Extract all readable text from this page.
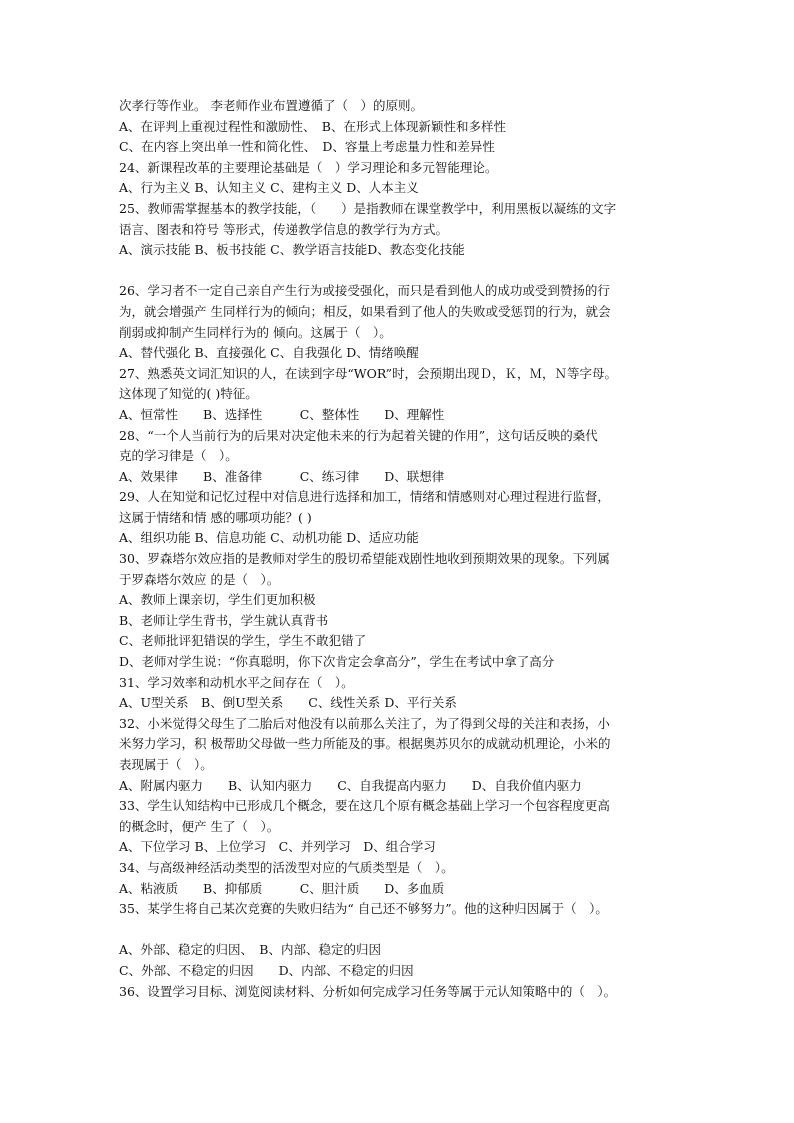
次孝行等作业。 李老师作业布置遵循了（　）的原则。
A、在评判上重视过程性和激励性、　B、在形式上体现新颖性和多样性
C、在内容上突出单一性和简化性、　D、容量上考虑量力性和差异性
24、新课程改革的主要理论基础是（　）学习理论和多元智能理论。
A、行为主义 B、认知主义 C、建构主义 D、人本主义
25、教师需掌握基本的教学技能，（　　）是指教师在课堂教学中，利用黑板以凝练的文字
语言、图表和符号 等形式，传递教学信息的教学行为方式。
A、演示技能 B、板书技能 C、教学语言技能D、教态变化技能
26、学习者不一定自己亲自产生行为或接受强化，而只是看到他人的成功或受到赞扬的行
为，就会增强产 生同样行为的倾向；相反，如果看到了他人的失败或受惩罚的行为，就会
削弱或抑制产生同样行为的 倾向。这属于（　）。
A、替代强化 B、直接强化 C、自我强化 D、情绪唤醒
27、熟悉英文词汇知识的人，在读到字母“WOR”时，会预期出现Ｄ，Ｋ，Ｍ，Ｎ等字母。
这体现了知觉的( )特征。
A、恒常性　　B、选择性　　　C、整体性　　D、理解性
28、“一个人当前行为的后果对决定他未来的行为起着关键的作用”，这句话反映的桑代
克的学习律是（　）。
A、效果律　　B、准备律　　　C、练习律　　D、联想律
29、人在知觉和记忆过程中对信息进行选择和加工，情绪和情感则对心理过程进行监督，
这属于情绪和情 感的哪项功能？( )
A、组织功能 B、信息功能 C、动机功能 D、适应功能
30、罗森塔尔效应指的是教师对学生的殷切希望能戏剧性地收到预期效果的现象。下列属
于罗森塔尔效应 的是（　）。
A、教师上课亲切，学生们更加积极
B、老师让学生背书，学生就认真背书
C、老师批评犯错误的学生，学生不敢犯错了
D、老师对学生说：“你真聪明，你下次肯定会拿高分”，学生在考试中拿了高分
31、学习效率和动机水平之间存在（　）。
A、U型关系　B、倒U型关系　　C、线性关系 D、平行关系
32、小米觉得父母生了二胎后对他没有以前那么关注了，为了得到父母的关注和表扬，小
米努力学习，积 极帮助父母做一些力所能及的事。根据奥苏贝尔的成就动机理论，小米的
表现属于（　）。
A、附属内驱力　　B、认知内驱力　　C、自我提高内驱力　　D、自我价值内驱力
33、学生认知结构中已形成几个概念，要在这几个原有概念基础上学习一个包容程度更高
的概念时，便产 生了（　）。
A、下位学习 B、上位学习　C、并列学习　D、组合学习
34、与高级神经活动类型的活泼型对应的气质类型是（　）。
A、粘液质　　B、抑郁质　　　C、胆汁质　　D、多血质
35、某学生将自己某次竞赛的失败归结为“ 自己还不够努力”。他的这种归因属于（　）。
A、外部、稳定的归因、　B、内部、稳定的归因
C、外部、不稳定的归因　　D、内部、不稳定的归因
36、设置学习目标、浏览阅读材料、分析如何完成学习任务等属于元认知策略中的（　）。
